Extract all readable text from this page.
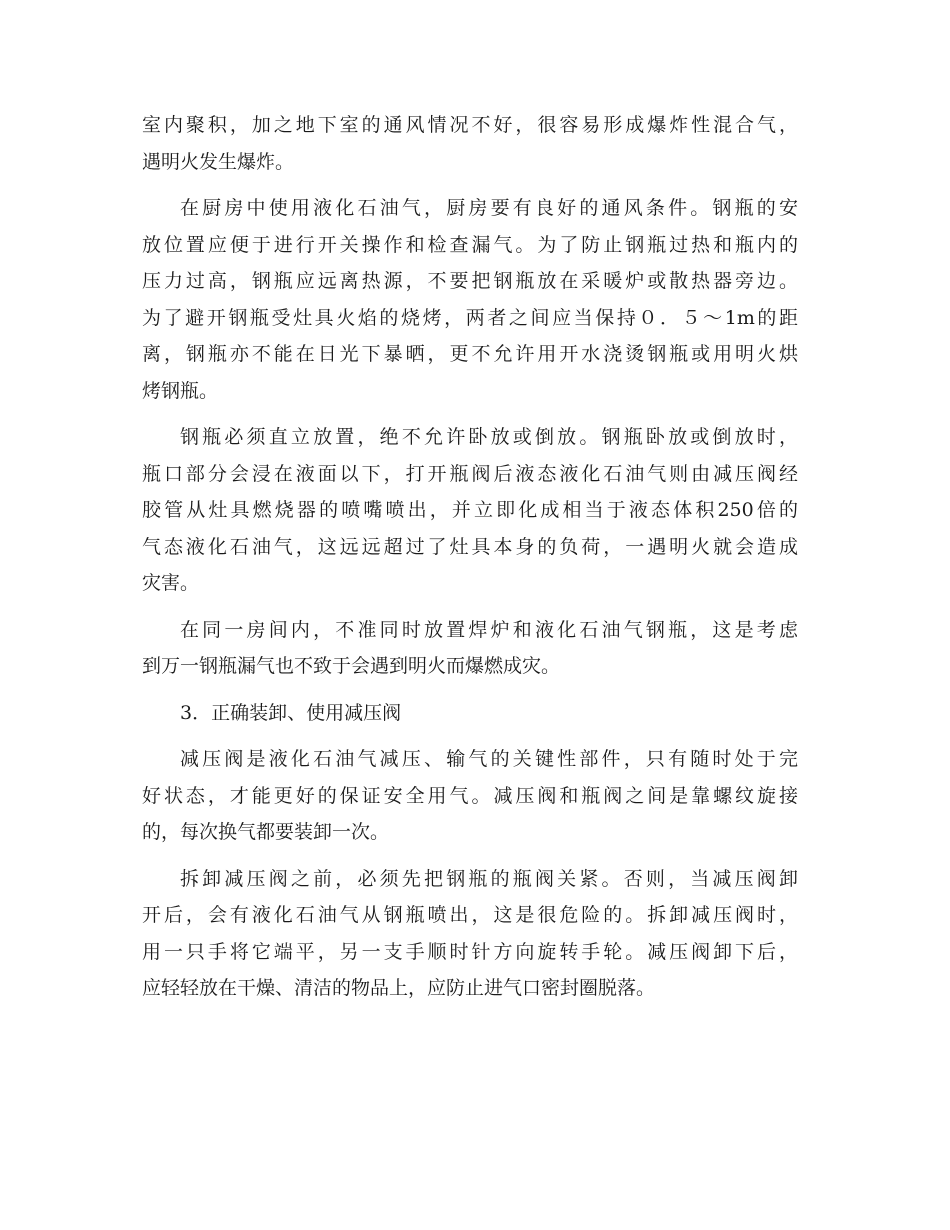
室内聚积，加之地下室的通风情况不好，很容易形成爆炸性混合气，
遇明火发生爆炸。
在厨房中使用液化石油气，厨房要有良好的通风条件。钢瓶的安
放位置应便于进行开关操作和检查漏气。为了防止钢瓶过热和瓶内的
压力过高，钢瓶应远离热源，不要把钢瓶放在采暖炉或散热器旁边。
为了避开钢瓶受灶具火焰的烧烤，两者之间应当保持０．５～1m的距
离，钢瓶亦不能在日光下暴晒，更不允许用开水浇烫钢瓶或用明火烘
烤钢瓶。
钢瓶必须直立放置，绝不允许卧放或倒放。钢瓶卧放或倒放时，
瓶口部分会浸在液面以下，打开瓶阀后液态液化石油气则由减压阀经
胶管从灶具燃烧器的喷嘴喷出，并立即化成相当于液态体积250倍的
气态液化石油气，这远远超过了灶具本身的负荷，一遇明火就会造成
灾害。
在同一房间内，不准同时放置焊炉和液化石油气钢瓶，这是考虑
到万一钢瓶漏气也不致于会遇到明火而爆燃成灾。
3．正确装卸、使用减压阀
减压阀是液化石油气减压、输气的关键性部件，只有随时处于完
好状态，才能更好的保证安全用气。减压阀和瓶阀之间是靠螺纹旋接
的，每次换气都要装卸一次。
拆卸减压阀之前，必须先把钢瓶的瓶阀关紧。否则，当减压阀卸
开后，会有液化石油气从钢瓶喷出，这是很危险的。拆卸减压阀时，
用一只手将它端平，另一支手顺时针方向旋转手轮。减压阀卸下后，
应轻轻放在干燥、清洁的物品上，应防止进气口密封圈脱落。
